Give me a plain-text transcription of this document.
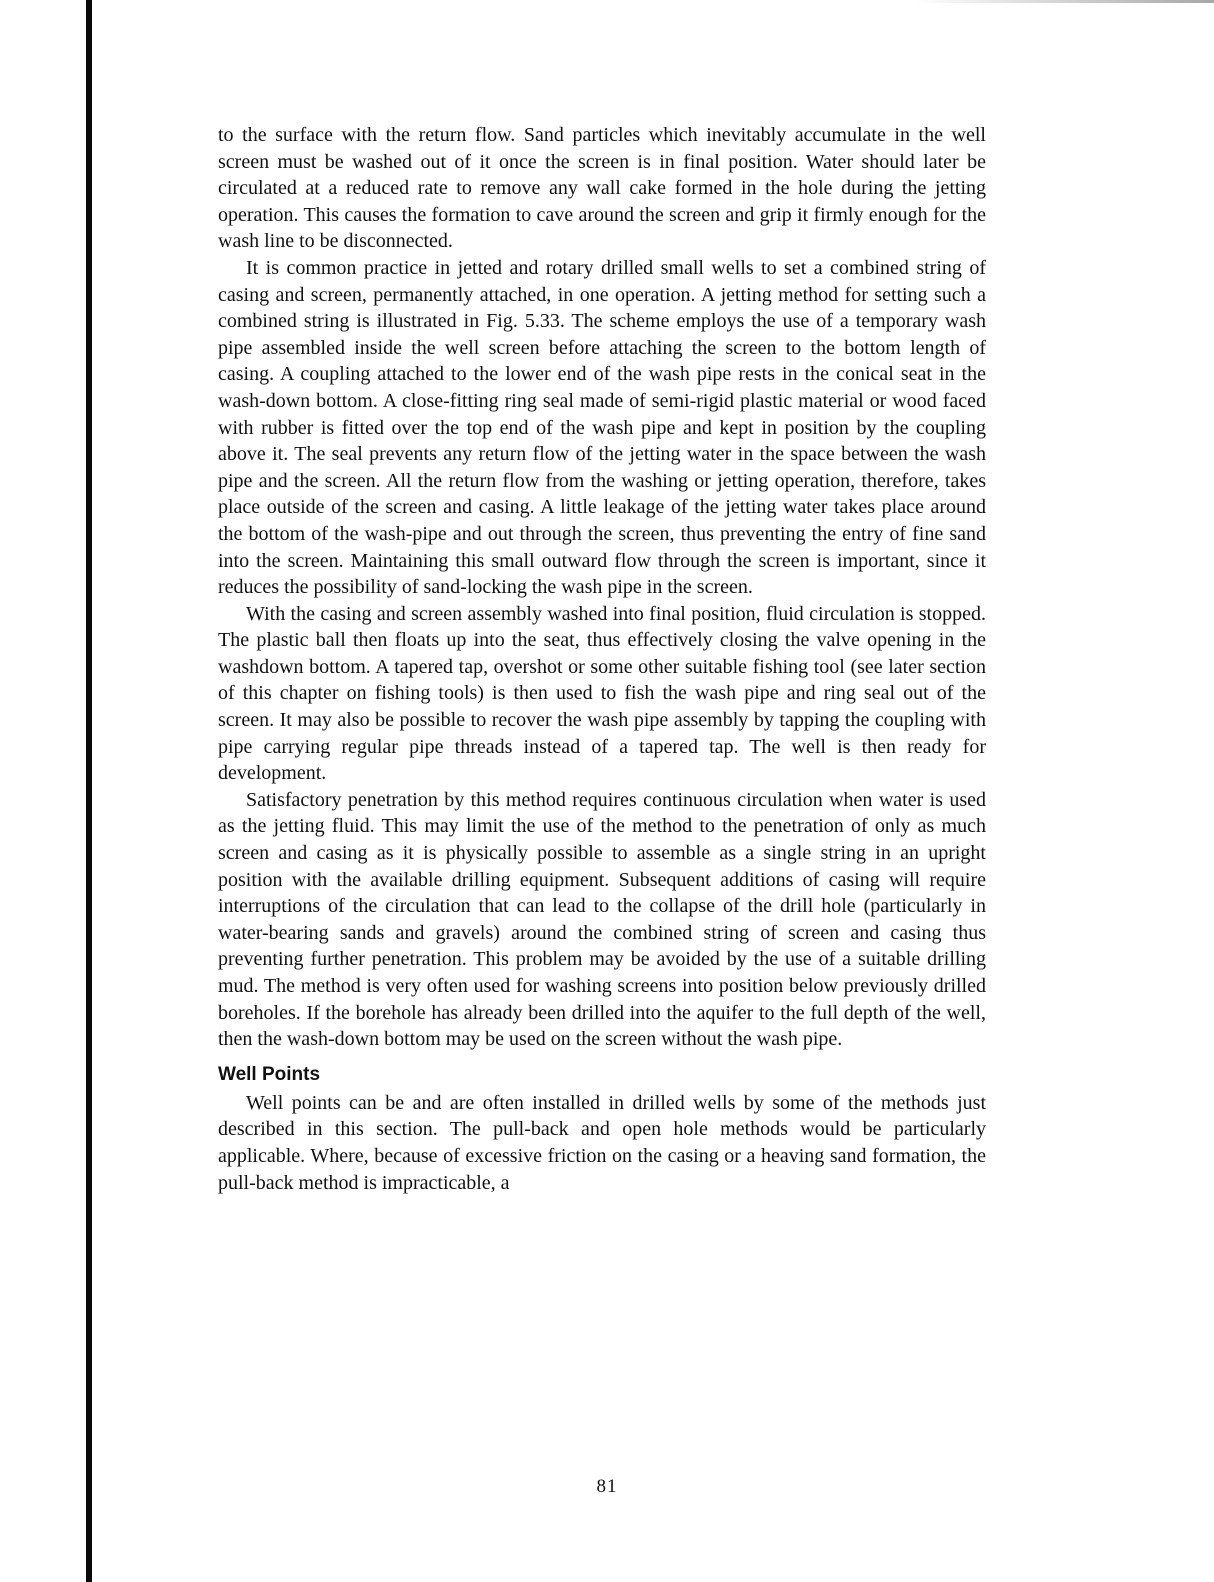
to the surface with the return flow. Sand particles which inevitably accumulate in the well screen must be washed out of it once the screen is in final position. Water should later be circulated at a reduced rate to remove any wall cake formed in the hole during the jetting operation. This causes the formation to cave around the screen and grip it firmly enough for the wash line to be disconnected.

It is common practice in jetted and rotary drilled small wells to set a combined string of casing and screen, permanently attached, in one operation. A jetting method for setting such a combined string is illustrated in Fig. 5.33. The scheme employs the use of a temporary wash pipe assembled inside the well screen before attaching the screen to the bottom length of casing. A coupling attached to the lower end of the wash pipe rests in the conical seat in the wash-down bottom. A close-fitting ring seal made of semi-rigid plastic material or wood faced with rubber is fitted over the top end of the wash pipe and kept in position by the coupling above it. The seal prevents any return flow of the jetting water in the space between the wash pipe and the screen. All the return flow from the washing or jetting operation, therefore, takes place outside of the screen and casing. A little leakage of the jetting water takes place around the bottom of the wash-pipe and out through the screen, thus preventing the entry of fine sand into the screen. Maintaining this small outward flow through the screen is important, since it reduces the possibility of sand-locking the wash pipe in the screen.

With the casing and screen assembly washed into final position, fluid circulation is stopped. The plastic ball then floats up into the seat, thus effectively closing the valve opening in the washdown bottom. A tapered tap, overshot or some other suitable fishing tool (see later section of this chapter on fishing tools) is then used to fish the wash pipe and ring seal out of the screen. It may also be possible to recover the wash pipe assembly by tapping the coupling with pipe carrying regular pipe threads instead of a tapered tap. The well is then ready for development.

Satisfactory penetration by this method requires continuous circulation when water is used as the jetting fluid. This may limit the use of the method to the penetration of only as much screen and casing as it is physically possible to assemble as a single string in an upright position with the available drilling equipment. Subsequent additions of casing will require interruptions of the circulation that can lead to the collapse of the drill hole (particularly in water-bearing sands and gravels) around the combined string of screen and casing thus preventing further penetration. This problem may be avoided by the use of a suitable drilling mud. The method is very often used for washing screens into position below previously drilled boreholes. If the borehole has already been drilled into the aquifer to the full depth of the well, then the wash-down bottom may be used on the screen without the wash pipe.

Well Points

Well points can be and are often installed in drilled wells by some of the methods just described in this section. The pull-back and open hole methods would be particularly applicable. Where, because of excessive friction on the casing or a heaving sand formation, the pull-back method is impracticable, a

81
